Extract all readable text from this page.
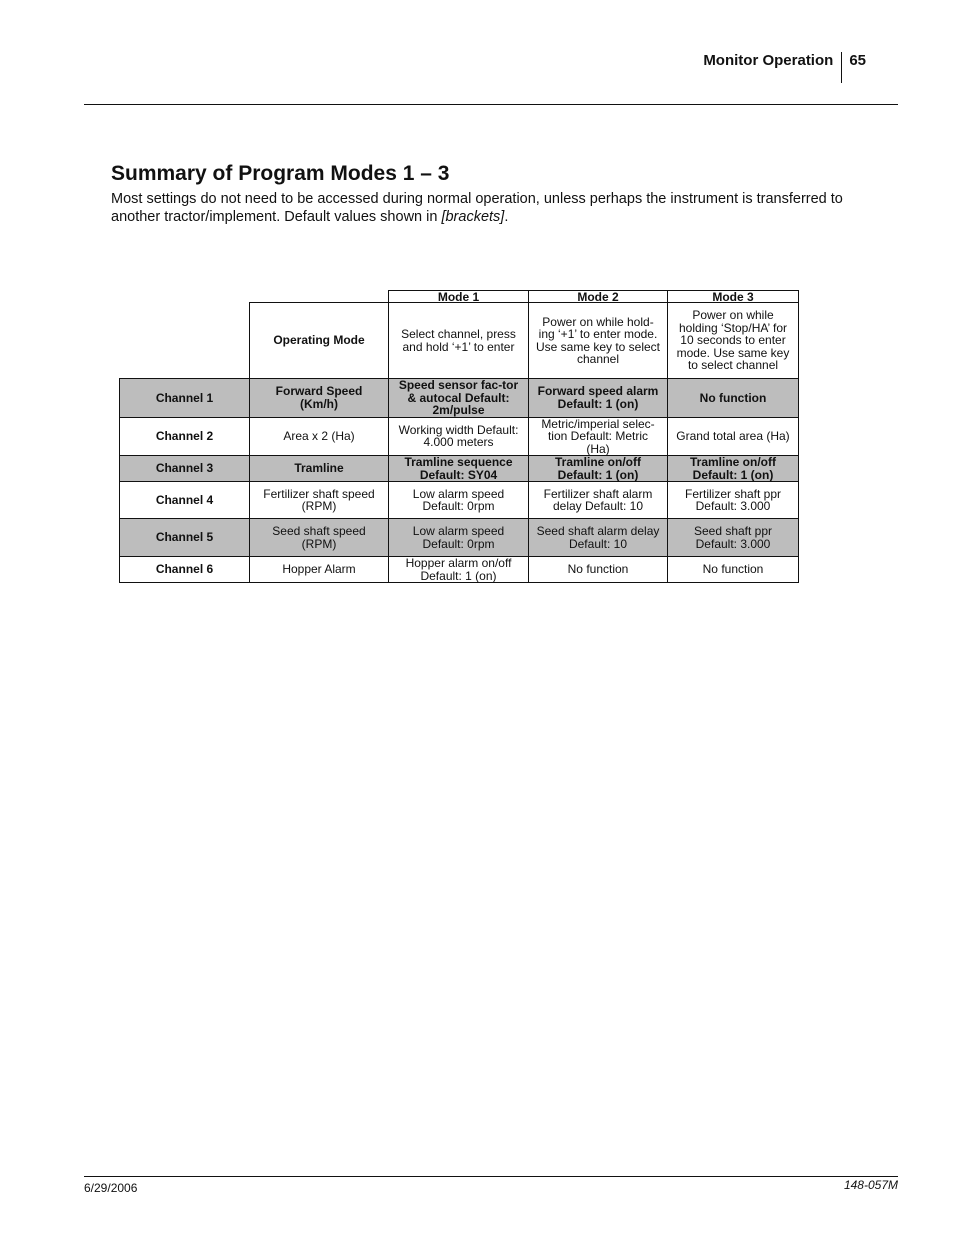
Monitor Operation 65
Summary of Program Modes 1 – 3

Most settings do not need to be accessed during normal operation, unless perhaps the instrument is transferred to another tractor/implement. Default values shown in [brackets].

		Mode 1	Mode 2	Mode 3
	Operating Mode	Select channel, press and hold ‘+1’ to enter	Power on while hold-ing ‘+1’ to enter mode. Use same key to select channel	Power on while holding ‘Stop/HA’ for 10 seconds to enter mode. Use same key to select channel
Channel 1	Forward Speed (Km/h)	Speed sensor fac-tor & autocal Default: 2m/pulse	Forward speed alarm Default: 1 (on)	No function
Channel 2	Area x 2 (Ha)	Working width Default: 4.000 meters	Metric/imperial selec-tion Default: Metric (Ha)	Grand total area (Ha)
Channel 3	Tramline	Tramline sequence Default: SY04	Tramline on/off Default: 1 (on)	Tramline on/off Default: 1 (on)
Channel 4	Fertilizer shaft speed (RPM)	Low alarm speed Default: 0rpm	Fertilizer shaft alarm delay Default: 10	Fertilizer shaft ppr Default: 3.000
Channel 5	Seed shaft speed (RPM)	Low alarm speed Default: 0rpm	Seed shaft alarm delay Default: 10	Seed shaft ppr Default: 3.000
Channel 6	Hopper Alarm	Hopper alarm on/off Default: 1 (on)	No function	No function
6/29/2006	148-057M
